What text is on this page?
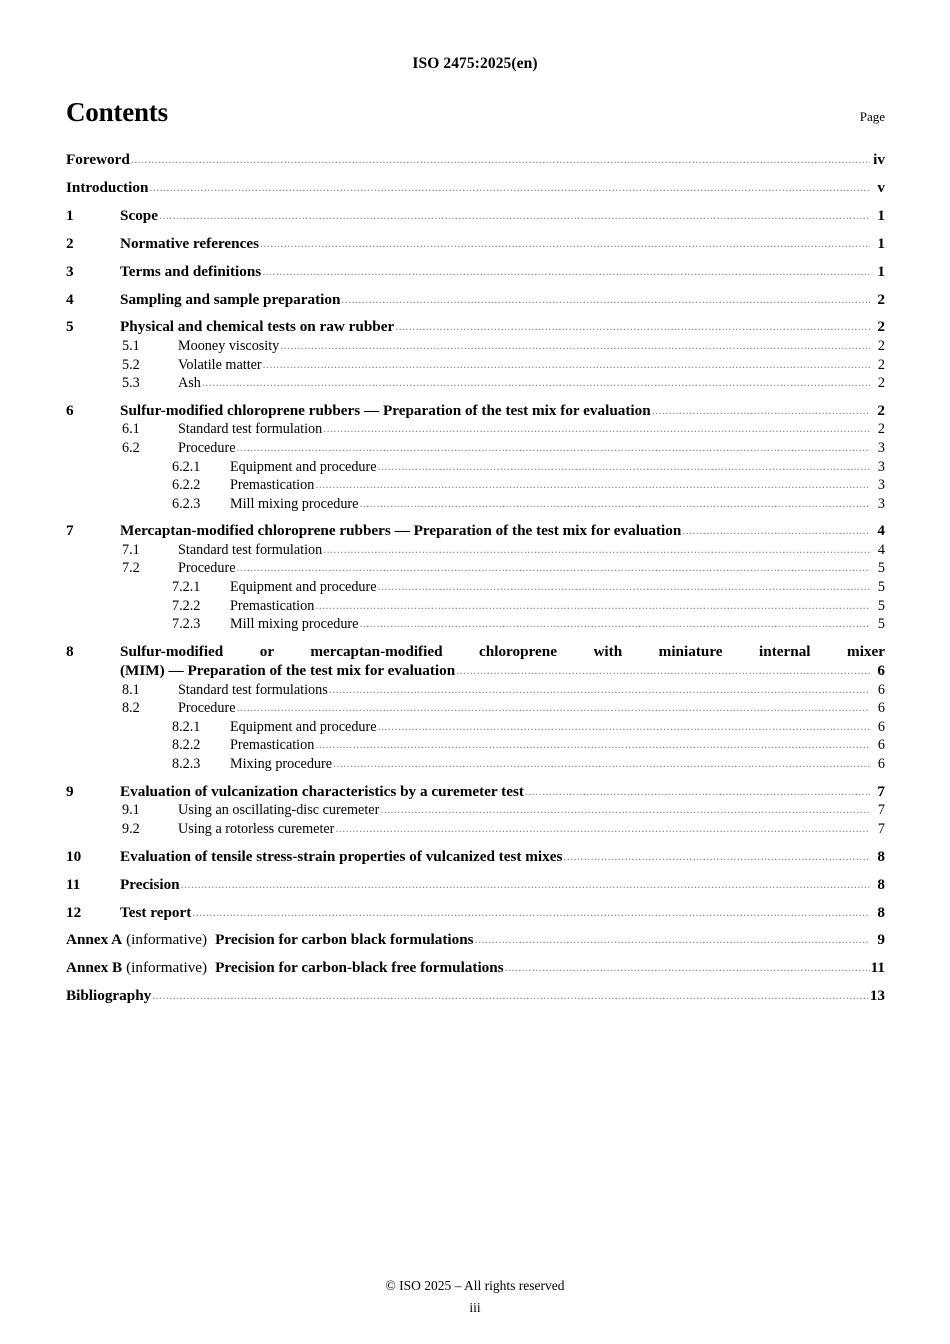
ISO 2475:2025(en)
Contents	Page
Foreword .....	iv
Introduction .....	v
1	Scope .....	1
2	Normative references .....	1
3	Terms and definitions .....	1
4	Sampling and sample preparation .....	2
5	Physical and chemical tests on raw rubber .....	2
5.1	Mooney viscosity .....	2
5.2	Volatile matter .....	2
5.3	Ash .....	2
6	Sulfur-modified chloroprene rubbers — Preparation of the test mix for evaluation .....	2
6.1	Standard test formulation .....	2
6.2	Procedure .....	3
6.2.1	Equipment and procedure .....	3
6.2.2	Premastication .....	3
6.2.3	Mill mixing procedure .....	3
7	Mercaptan-modified chloroprene rubbers — Preparation of the test mix for evaluation .....	4
7.1	Standard test formulation .....	4
7.2	Procedure .....	5
7.2.1	Equipment and procedure .....	5
7.2.2	Premastication .....	5
7.2.3	Mill mixing procedure .....	5
8	Sulfur-modified or mercaptan-modified chloroprene with miniature internal mixer
(MIM) — Preparation of the test mix for evaluation .....	6
8.1	Standard test formulations .....	6
8.2	Procedure .....	6
8.2.1	Equipment and procedure .....	6
8.2.2	Premastication .....	6
8.2.3	Mixing procedure .....	6
9	Evaluation of vulcanization characteristics by a curemeter test .....	7
9.1	Using an oscillating-disc curemeter .....	7
9.2	Using a rotorless curemeter .....	7
10	Evaluation of tensile stress-strain properties of vulcanized test mixes .....	8
11	Precision .....	8
12	Test report .....	8
Annex A (informative) Precision for carbon black formulations .....	9
Annex B (informative) Precision for carbon-black free formulations .....	11
Bibliography .....	13
© ISO 2025 – All rights reserved
iii
